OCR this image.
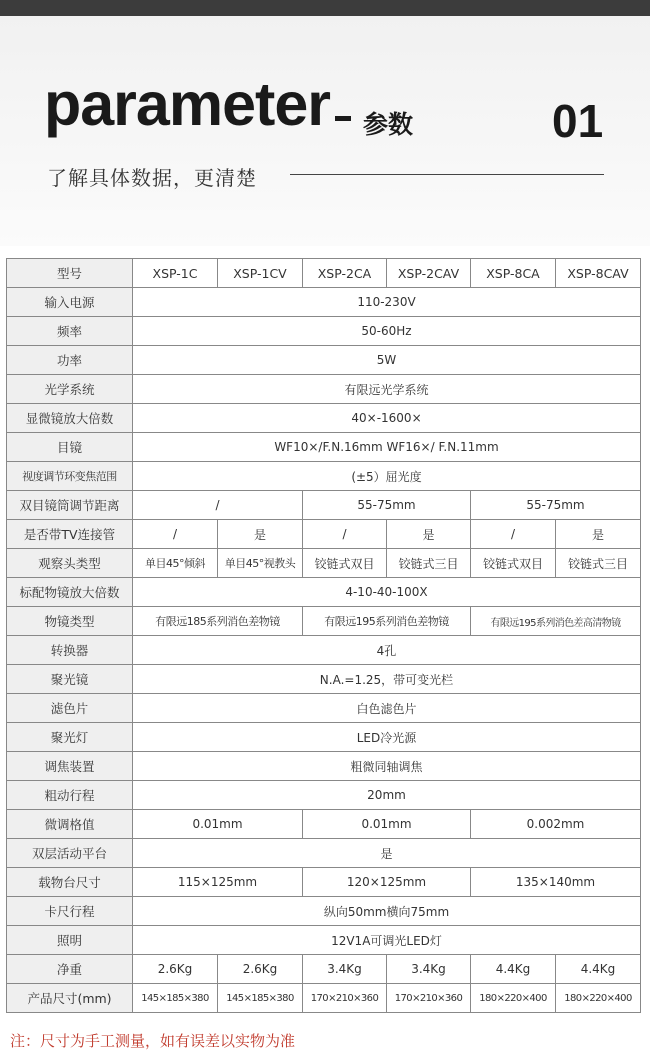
parameter 参数	01
了解具体数据，更清楚
型号	XSP-1C	XSP-1CV	XSP-2CA	XSP-2CAV	XSP-8CA	XSP-8CAV
输入电源	110-230V					
频率	50-60Hz					
功率	5W					
光学系统	有限远光学系统					
显微镜放大倍数	40×-1600×					
目镜	WF10×/F.N.16mm WF16×/ F.N.11mm					
视度调节环变焦范围	(±5）屈光度					
双目镜筒调节距离	/		55-75mm		55-75mm	
是否带TV连接管	/	是	/	是	/	是
观察头类型	单目45°倾斜	单目45°视教头	铰链式双目	铰链式三目	铰链式双目	铰链式三目
标配物镜放大倍数	4-10-40-100X					
物镜类型	有限远185系列消色差物镜		有限远195系列消色差物镜		有限远195系列消色差高清物镜	
转换器	4孔					
聚光镜	N.A.=1.25，带可变光栏					
滤色片	白色滤色片					
聚光灯	LED冷光源					
调焦装置	粗微同轴调焦					
粗动行程	20mm					
微调格值	0.01mm		0.01mm		0.002mm	
双层活动平台	是					
载物台尺寸	115×125mm		120×125mm		135×140mm	
卡尺行程	纵向50mm横向75mm					
照明	12V1A可调光LED灯					
净重	2.6Kg	2.6Kg	3.4Kg	3.4Kg	4.4Kg	4.4Kg
产品尺寸(mm)	145×185×380	145×185×380	170×210×360	170×210×360	180×220×400	180×220×400
注：尺寸为手工测量，如有误差以实物为准
